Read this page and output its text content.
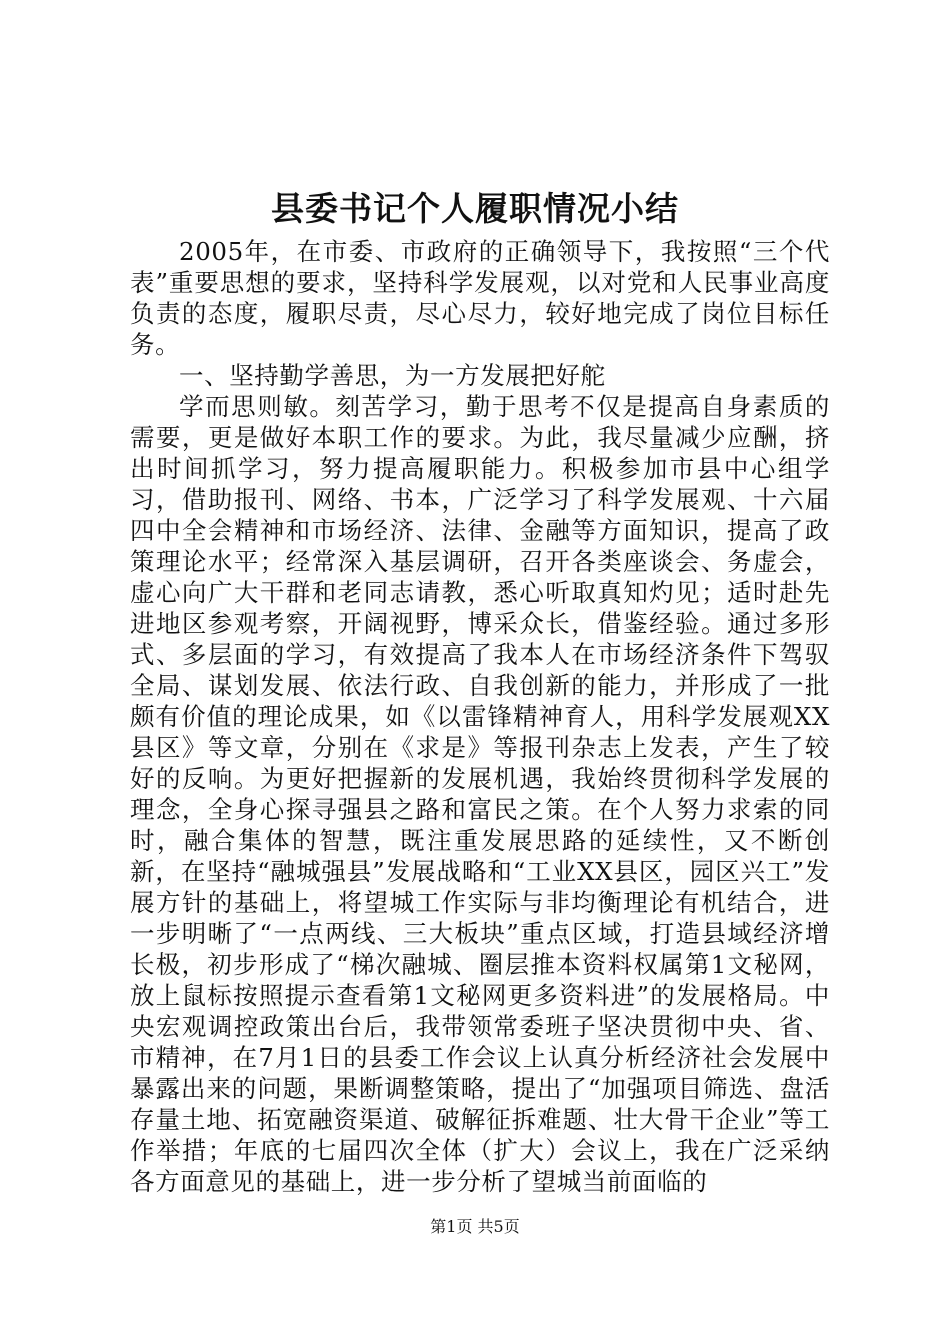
县委书记个人履职情况小结

2005年，在市委、市政府的正确领导下，我按照“三个代表”重要思想的要求，坚持科学发展观，以对党和人民事业高度负责的态度，履职尽责，尽心尽力，较好地完成了岗位目标任务。

一、坚持勤学善思，为一方发展把好舵

学而思则敏。刻苦学习，勤于思考不仅是提高自身素质的需要，更是做好本职工作的要求。为此，我尽量减少应酬，挤出时间抓学习，努力提高履职能力。积极参加市县中心组学习，借助报刊、网络、书本，广泛学习了科学发展观、十六届四中全会精神和市场经济、法律、金融等方面知识，提高了政策理论水平；经常深入基层调研，召开各类座谈会、务虚会，虚心向广大干群和老同志请教，悉心听取真知灼见；适时赴先进地区参观考察，开阔视野，博采众长，借鉴经验。通过多形式、多层面的学习，有效提高了我本人在市场经济条件下驾驭全局、谋划发展、依法行政、自我创新的能力，并形成了一批颇有价值的理论成果，如《以雷锋精神育人，用科学发展观XX县区》等文章，分别在《求是》等报刊杂志上发表，产生了较好的反响。为更好把握新的发展机遇，我始终贯彻科学发展的理念，全身心探寻强县之路和富民之策。在个人努力求索的同时，融合集体的智慧，既注重发展思路的延续性，又不断创新，在坚持“融城强县”发展战略和“工业XX县区，园区兴工”发展方针的基础上，将望城工作实际与非均衡理论有机结合，进一步明晰了“一点两线、三大板块”重点区域，打造县域经济增长极，初步形成了“梯次融城、圈层推本资料权属第1文秘网，放上鼠标按照提示查看第1文秘网更多资料进”的发展格局。中央宏观调控政策出台后，我带领常委班子坚决贯彻中央、省、市精神，在7月1日的县委工作会议上认真分析经济社会发展中暴露出来的问题，果断调整策略，提出了“加强项目筛选、盘活存量土地、拓宽融资渠道、破解征拆难题、壮大骨干企业”等工作举措；年底的七届四次全体（扩大）会议上，我在广泛采纳各方面意见的基础上，进一步分析了望城当前面临的

第1页 共5页
